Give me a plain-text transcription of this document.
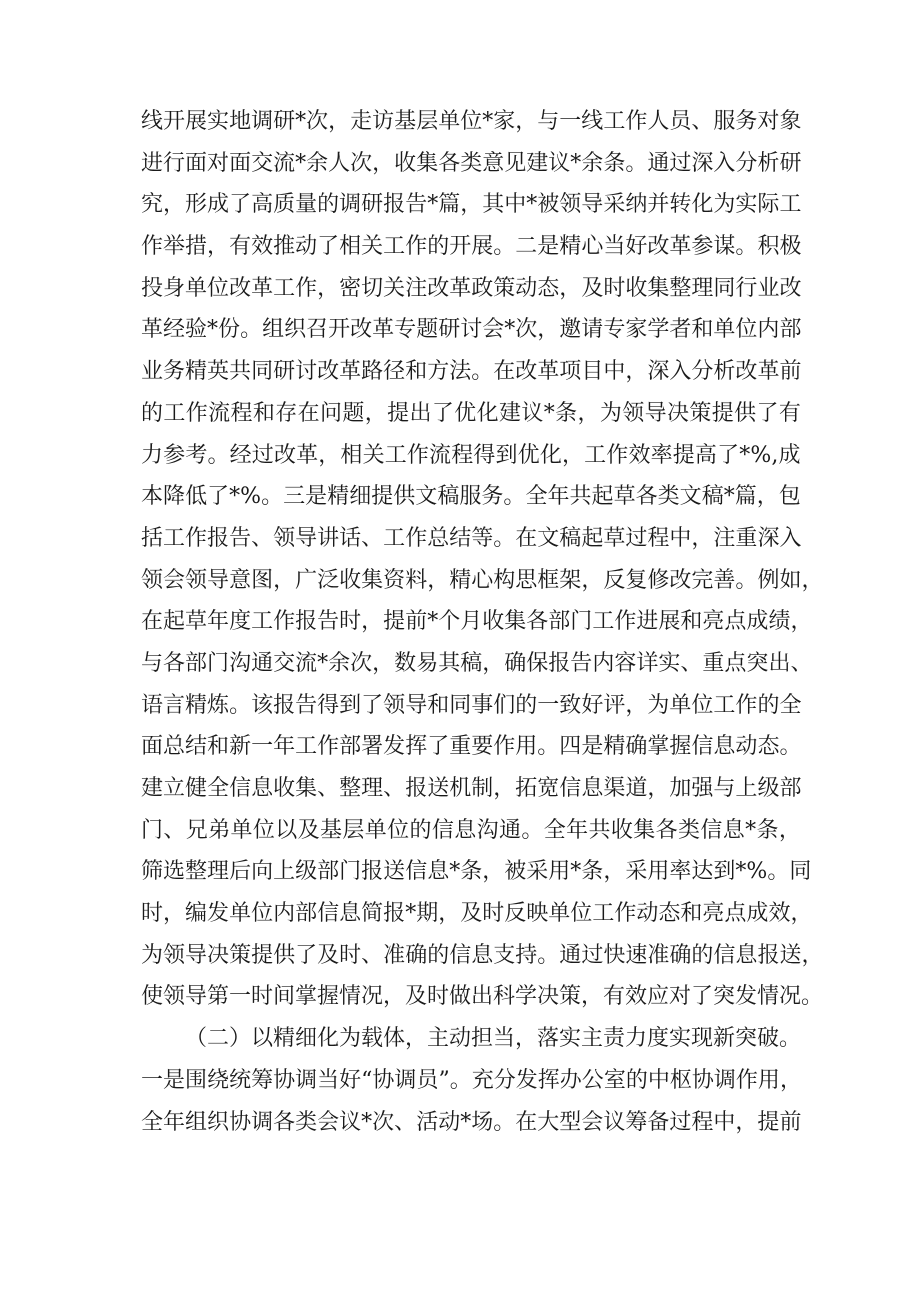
线 开 展 实 地 调 研 * 次 ， 走 访 基 层 单 位 * 家 ， 与 一 线 工 作 人 员 、 服 务 对 象
进 行 面 对 面 交 流 * 余 人 次 ， 收 集 各 类 意 见 建 议 * 余 条 。 通 过 深 入 分 析 研
究 ， 形 成 了 高 质 量 的 调 研 报 告 * 篇 ， 其 中 * 被 领 导 采 纳 并 转 化 为 实 际 工
作 举 措 ， 有 效 推 动 了 相 关 工 作 的 开 展 。 二 是 精 心 当 好 改 革 参 谋 。 积 极
投 身 单 位 改 革 工 作 ， 密 切 关 注 改 革 政 策 动 态 ， 及 时 收 集 整 理 同 行 业 改
革 经 验 * 份 。 组 织 召 开 改 革 专 题 研 讨 会 * 次 ， 邀 请 专 家 学 者 和 单 位 内 部
业 务 精 英 共 同 研 讨 改 革 路 径 和 方 法 。 在 改 革 项 目 中 ， 深 入 分 析 改 革 前
的 工 作 流 程 和 存 在 问 题 ， 提 出 了 优 化 建 议 * 条 ， 为 领 导 决 策 提 供 了 有
力 参 考 。 经 过 改 革 ， 相 关 工 作 流 程 得 到 优 化 ， 工 作 效 率 提 高 了 * % , 成
本 降 低 了 * % 。 三 是 精 细 提 供 文 稿 服 务 。 全 年 共 起 草 各 类 文 稿 * 篇 ， 包
括 工 作 报 告 、 领 导 讲 话 、 工 作 总 结 等 。 在 文 稿 起 草 过 程 中 ， 注 重 深 入
领 会 领 导 意 图 ， 广 泛 收 集 资 料 ， 精 心 构 思 框 架 ， 反 复 修 改 完 善 。 例 如 ，
在 起 草 年 度 工 作 报 告 时 ， 提 前 * 个 月 收 集 各 部 门 工 作 进 展 和 亮 点 成 绩 ，
与 各 部 门 沟 通 交 流 * 余 次 ， 数 易 其 稿 ， 确 保 报 告 内 容 详 实 、 重 点 突 出 、
语 言 精 炼 。 该 报 告 得 到 了 领 导 和 同 事 们 的 一 致 好 评 ， 为 单 位 工 作 的 全
面 总 结 和 新 一 年 工 作 部 署 发 挥 了 重 要 作 用 。 四 是 精 确 掌 握 信 息 动 态 。
建 立 健 全 信 息 收 集 、 整 理 、 报 送 机 制 ， 拓 宽 信 息 渠 道 ， 加 强 与 上 级 部
门 、 兄 弟 单 位 以 及 基 层 单 位 的 信 息 沟 通 。 全 年 共 收 集 各 类 信 息 * 条 ，
筛 选 整 理 后 向 上 级 部 门 报 送 信 息 * 条 ， 被 采 用 * 条 ， 采 用 率 达 到 * % 。 同
时 ， 编 发 单 位 内 部 信 息 简 报 * 期 ， 及 时 反 映 单 位 工 作 动 态 和 亮 点 成 效 ，
为 领 导 决 策 提 供 了 及 时 、 准 确 的 信 息 支 持 。 通 过 快 速 准 确 的 信 息 报 送 ，
使领导第一时间掌握情况，及时做出科学决策，有效应对了突发情况。
（二）以精细化为载体，主动担当，落实主责力度实现新突破。
一 是 围 绕 统 筹 协 调 当 好 “ 协 调 员 ” 。 充 分 发 挥 办 公 室 的 中 枢 协 调 作 用 ，
全 年 组 织 协 调 各 类 会 议 * 次 、 活 动 * 场 。 在 大 型 会 议 筹 备 过 程 中 ， 提 前
